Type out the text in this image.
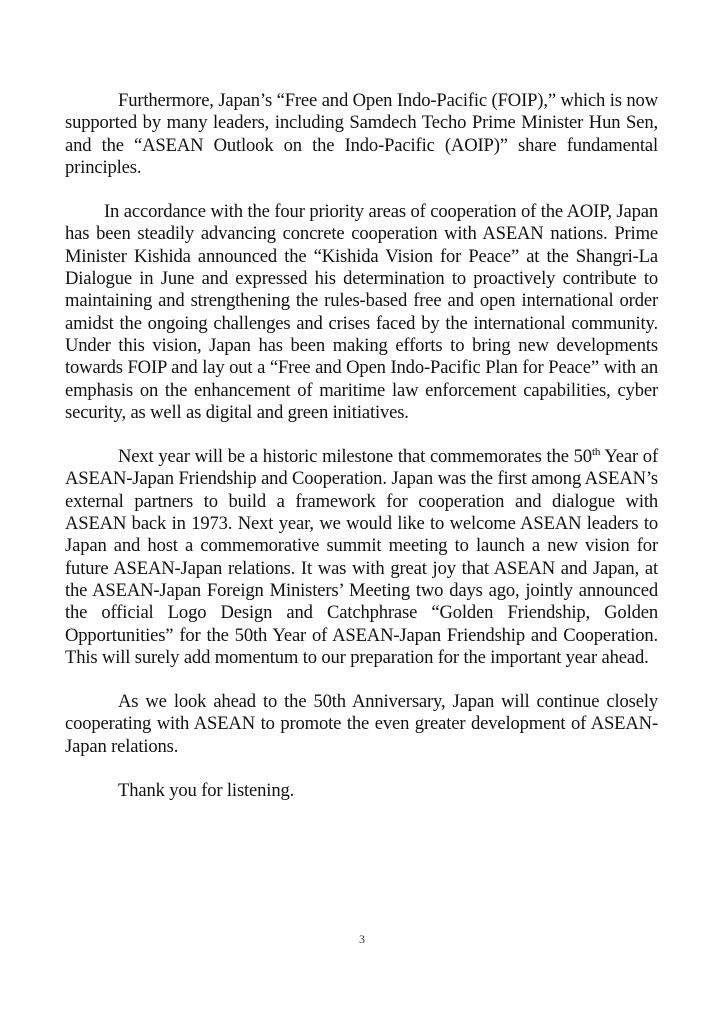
Furthermore, Japan’s “Free and Open Indo-Pacific (FOIP),” which is now supported by many leaders, including Samdech Techo Prime Minister Hun Sen, and the “ASEAN Outlook on the Indo-Pacific (AOIP)” share fundamental principles.

In accordance with the four priority areas of cooperation of the AOIP, Japan has been steadily advancing concrete cooperation with ASEAN nations. Prime Minister Kishida announced the “Kishida Vision for Peace” at the Shangri-La Dialogue in June and expressed his determination to proactively contribute to maintaining and strengthening the rules-based free and open international order amidst the ongoing challenges and crises faced by the international community. Under this vision, Japan has been making efforts to bring new developments towards FOIP and lay out a “Free and Open Indo-Pacific Plan for Peace” with an emphasis on the enhancement of maritime law enforcement capabilities, cyber security, as well as digital and green initiatives.

Next year will be a historic milestone that commemorates the 50th Year of ASEAN-Japan Friendship and Cooperation. Japan was the first among ASEAN’s external partners to build a framework for cooperation and dialogue with ASEAN back in 1973. Next year, we would like to welcome ASEAN leaders to Japan and host a commemorative summit meeting to launch a new vision for future ASEAN-Japan relations. It was with great joy that ASEAN and Japan, at the ASEAN-Japan Foreign Ministers’ Meeting two days ago, jointly announced the official Logo Design and Catchphrase “Golden Friendship, Golden Opportunities” for the 50th Year of ASEAN-Japan Friendship and Cooperation. This will surely add momentum to our preparation for the important year ahead.

As we look ahead to the 50th Anniversary, Japan will continue closely cooperating with ASEAN to promote the even greater development of ASEAN-Japan relations.

Thank you for listening.

3
